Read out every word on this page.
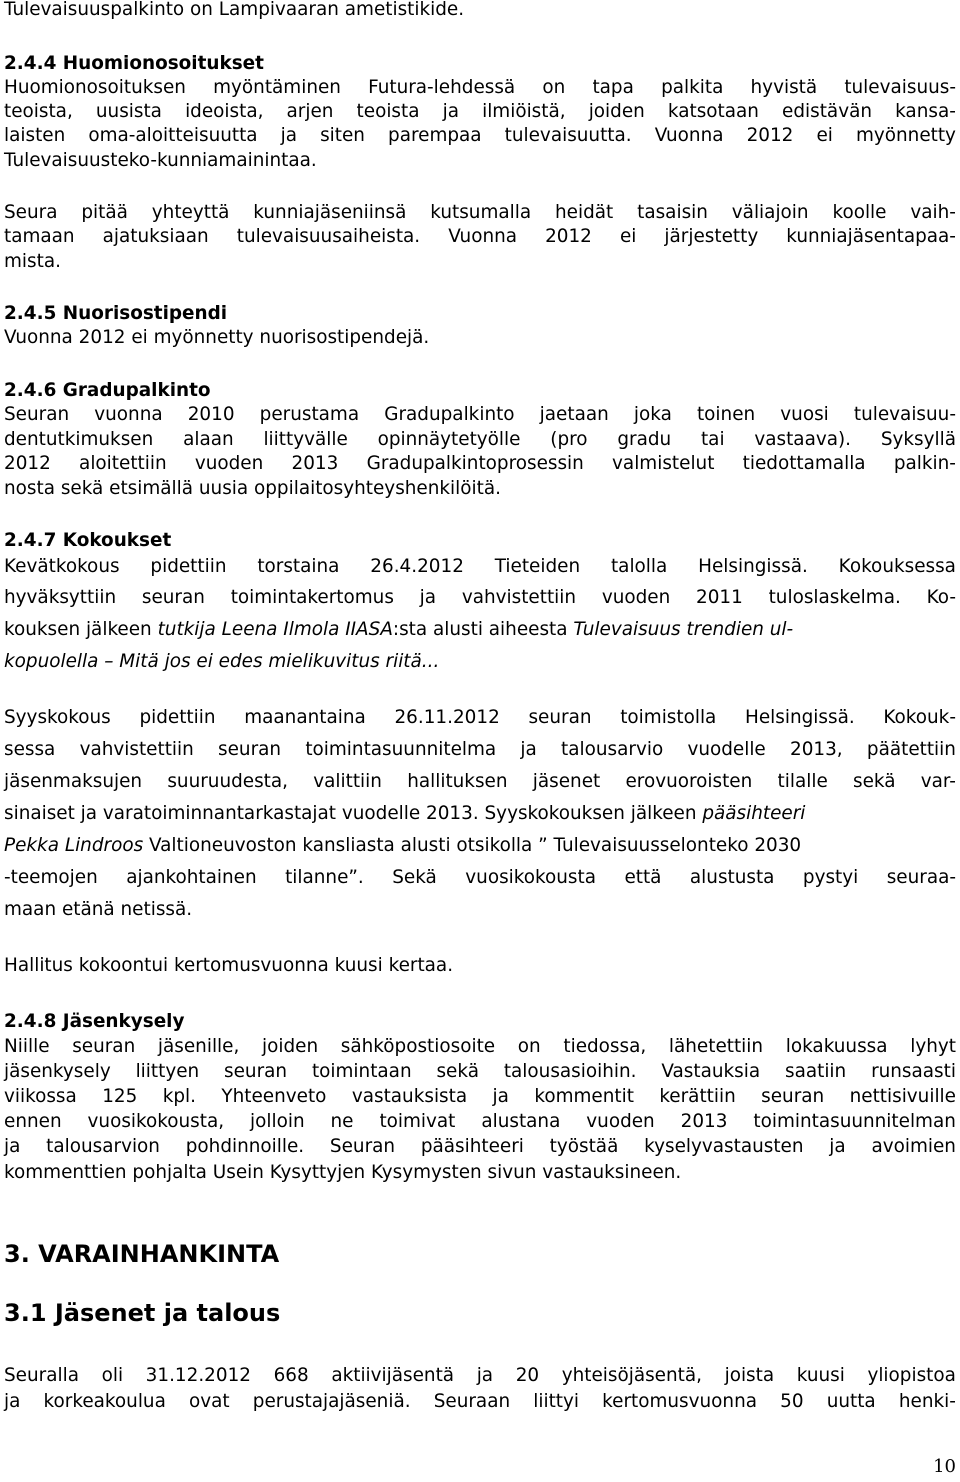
Tulevaisuuspalkinto on Lampivaaran ametistikide.
2.4.4 Huomionosoitukset
Huomionosoituksen myöntäminen Futura-lehdessä on tapa palkita hyvistä tulevaisuus-
teoista, uusista ideoista, arjen teoista ja ilmiöistä, joiden katsotaan edistävän kansa-
laisten oma-aloitteisuutta ja siten parempaa tulevaisuutta. Vuonna 2012 ei myönnetty
Tulevaisuusteko-kunniamainintaa.
Seura pitää yhteyttä kunniajäseniinsä kutsumalla heidät tasaisin väliajoin koolle vaih-
tamaan ajatuksiaan tulevaisuusaiheista. Vuonna 2012 ei järjestetty kunniajäsentapaa-
mista.
2.4.5 Nuorisostipendi
Vuonna 2012 ei myönnetty nuorisostipendejä.
2.4.6 Gradupalkinto
Seuran vuonna 2010 perustama Gradupalkinto jaetaan joka toinen vuosi tulevaisuu-
dentutkimuksen alaan liittyvälle opinnäytetyölle (pro gradu tai vastaava). Syksyllä
2012 aloitettiin vuoden 2013 Gradupalkintoprosessin valmistelut tiedottamalla palkin-
nosta sekä etsimällä uusia oppilaitosyhteyshenkilöitä.
2.4.7 Kokoukset
Kevätkokous pidettiin torstaina 26.4.2012 Tieteiden talolla Helsingissä. Kokouksessa
hyväksyttiin seuran toimintakertomus ja vahvistettiin vuoden 2011 tuloslaskelma. Ko-
kouksen jälkeen tutkija Leena Ilmola IIASA:sta alusti aiheesta Tulevaisuus trendien ul-
kopuolella – Mitä jos ei edes mielikuvitus riitä...
Syyskokous pidettiin maanantaina 26.11.2012 seuran toimistolla Helsingissä. Kokouk-
sessa vahvistettiin seuran toimintasuunnitelma ja talousarvio vuodelle 2013, päätettiin
jäsenmaksujen suuruudesta, valittiin hallituksen jäsenet erovuoroisten tilalle sekä var-
sinaiset ja varatoiminnantarkastajat vuodelle 2013. Syyskokouksen jälkeen pääsihteeri
Pekka Lindroos Valtioneuvoston kansliasta alusti otsikolla ” Tulevaisuusselonteko 2030
-teemojen ajankohtainen tilanne”. Sekä vuosikokousta että alustusta pystyi seuraa-
maan etänä netissä.
Hallitus kokoontui kertomusvuonna kuusi kertaa.
2.4.8 Jäsenkysely
Niille seuran jäsenille, joiden sähköpostiosoite on tiedossa, lähetettiin lokakuussa lyhyt
jäsenkysely liittyen seuran toimintaan sekä talousasioihin. Vastauksia saatiin runsaasti
viikossa 125 kpl. Yhteenveto vastauksista ja kommentit kerättiin seuran nettisivuille
ennen vuosikokousta, jolloin ne toimivat alustana vuoden 2013 toimintasuunnitelman
ja talousarvion pohdinnoille. Seuran pääsihteeri työstää kyselyvastausten ja avoimien
kommenttien pohjalta Usein Kysyttyjen Kysymysten sivun vastauksineen.
3. VARAINHANKINTA
3.1 Jäsenet ja talous
Seuralla oli 31.12.2012 668 aktiivijäsentä ja 20 yhteisöjäsentä, joista kuusi yliopistoa
ja korkeakoulua ovat perustajajäseniä. Seuraan liittyi kertomusvuonna 50 uutta henki-
10
